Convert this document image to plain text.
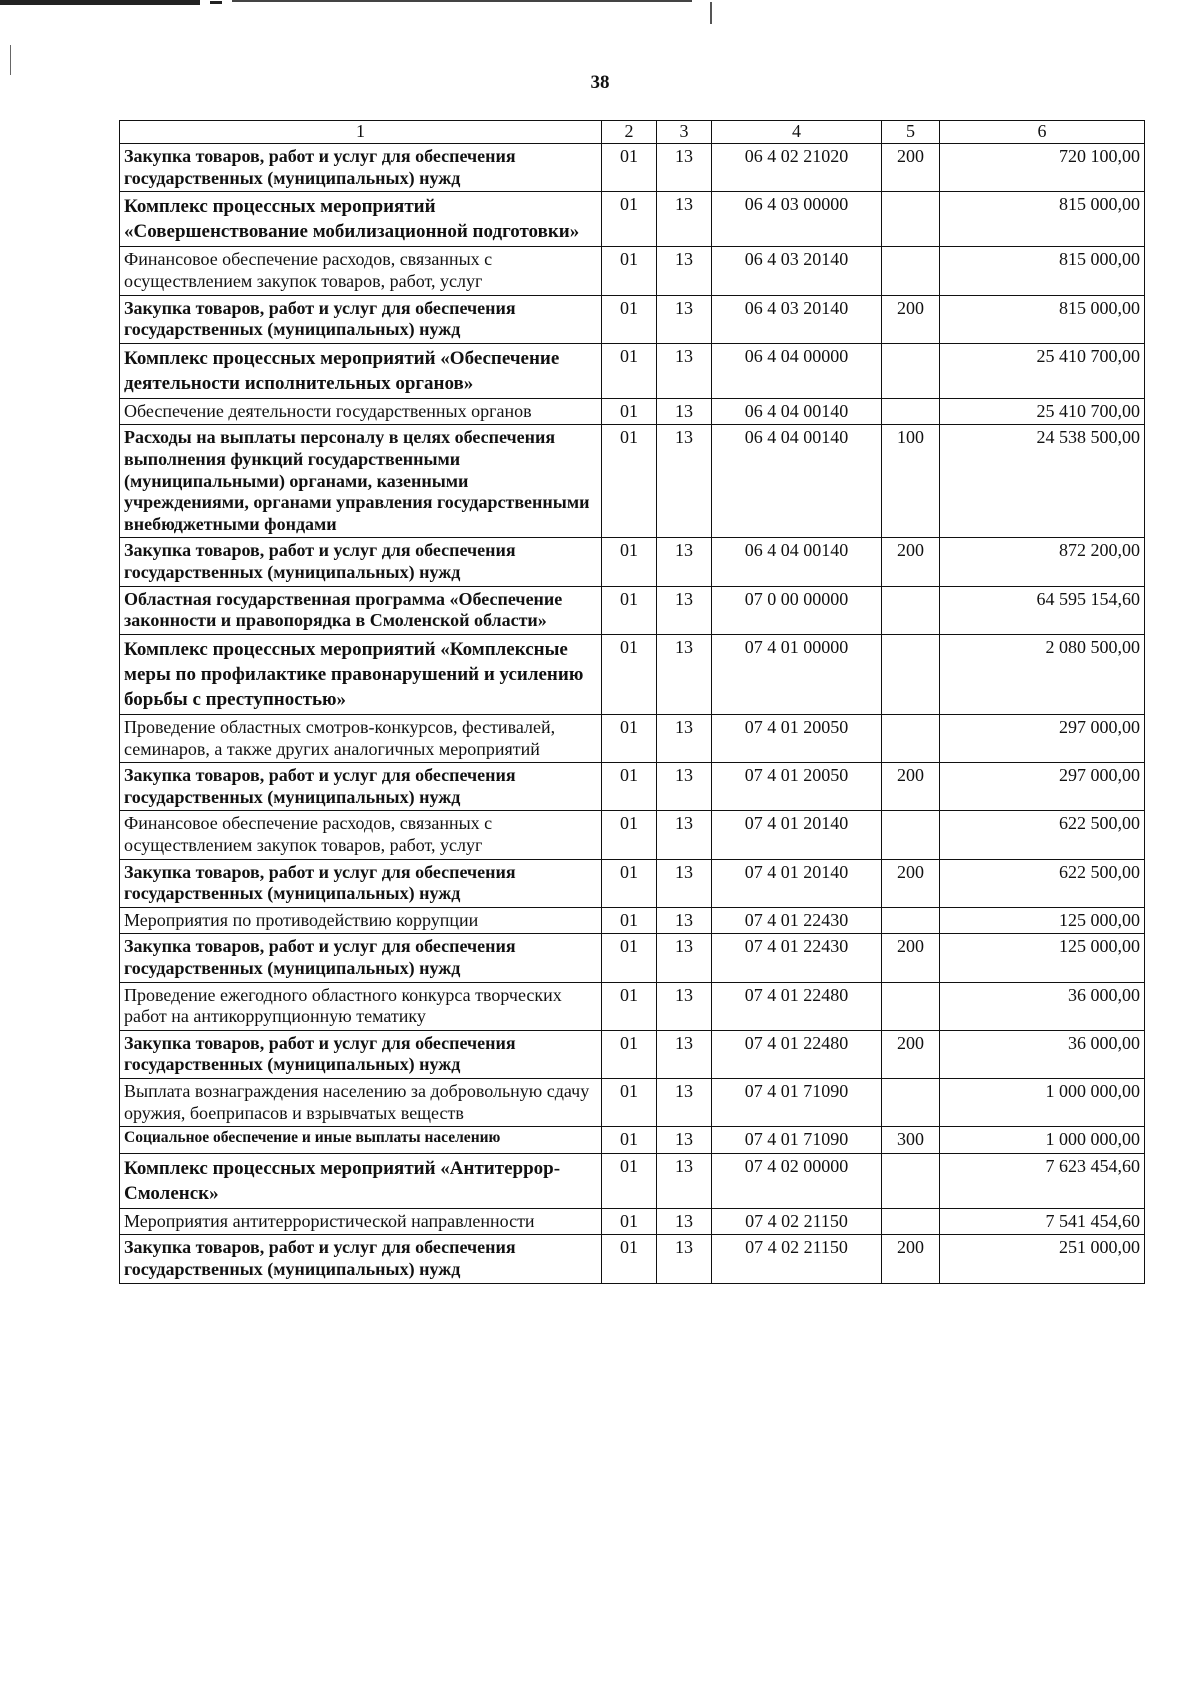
38
1	2	3	4	5	6
Закупка товаров, работ и услуг для обеспечения государственных (муниципальных) нужд	01	13	06 4 02 21020	200	720 100,00
Комплекс процессных мероприятий «Совершенствование мобилизационной подготовки»	01	13	06 4 03 00000		815 000,00
Финансовое обеспечение расходов, связанных с осуществлением закупок товаров, работ, услуг	01	13	06 4 03 20140		815 000,00
Закупка товаров, работ и услуг для обеспечения государственных (муниципальных) нужд	01	13	06 4 03 20140	200	815 000,00
Комплекс процессных мероприятий «Обеспечение деятельности исполнительных органов»	01	13	06 4 04 00000		25 410 700,00
Обеспечение деятельности государственных органов	01	13	06 4 04 00140		25 410 700,00
Расходы на выплаты персоналу в целях обеспечения выполнения функций государственными (муниципальными) органами, казенными учреждениями, органами управления государственными внебюджетными фондами	01	13	06 4 04 00140	100	24 538 500,00
Закупка товаров, работ и услуг для обеспечения государственных (муниципальных) нужд	01	13	06 4 04 00140	200	872 200,00
Областная государственная программа «Обеспечение законности и правопорядка в Смоленской области»	01	13	07 0 00 00000		64 595 154,60
Комплекс процессных мероприятий «Комплексные меры по профилактике правонарушений и усилению борьбы с преступностью»	01	13	07 4 01 00000		2 080 500,00
Проведение областных смотров-конкурсов, фестивалей, семинаров, а также других аналогичных мероприятий	01	13	07 4 01 20050		297 000,00
Закупка товаров, работ и услуг для обеспечения государственных (муниципальных) нужд	01	13	07 4 01 20050	200	297 000,00
Финансовое обеспечение расходов, связанных с осуществлением закупок товаров, работ, услуг	01	13	07 4 01 20140		622 500,00
Закупка товаров, работ и услуг для обеспечения государственных (муниципальных) нужд	01	13	07 4 01 20140	200	622 500,00
Мероприятия по противодействию коррупции	01	13	07 4 01 22430		125 000,00
Закупка товаров, работ и услуг для обеспечения государственных (муниципальных) нужд	01	13	07 4 01 22430	200	125 000,00
Проведение ежегодного областного конкурса творческих работ на антикоррупционную тематику	01	13	07 4 01 22480		36 000,00
Закупка товаров, работ и услуг для обеспечения государственных (муниципальных) нужд	01	13	07 4 01 22480	200	36 000,00
Выплата вознаграждения населению за добровольную сдачу оружия, боеприпасов и взрывчатых веществ	01	13	07 4 01 71090		1 000 000,00
Социальное обеспечение и иные выплаты населению	01	13	07 4 01 71090	300	1 000 000,00
Комплекс процессных мероприятий «Антитеррор-Смоленск»	01	13	07 4 02 00000		7 623 454,60
Мероприятия антитеррористической направленности	01	13	07 4 02 21150		7 541 454,60
Закупка товаров, работ и услуг для обеспечения государственных (муниципальных) нужд	01	13	07 4 02 21150	200	251 000,00
